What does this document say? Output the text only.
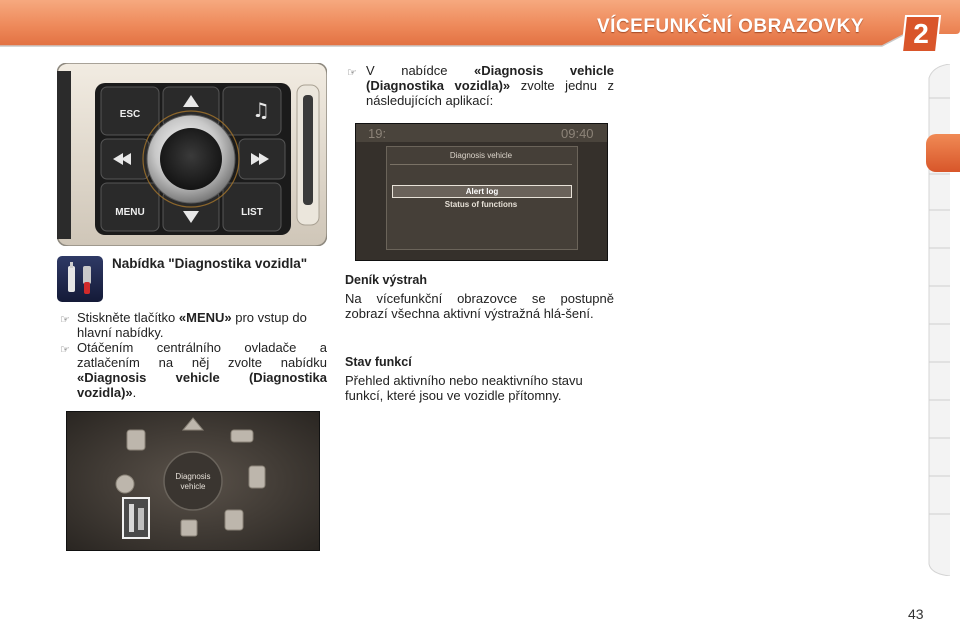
VÍCEFUNKČNÍ OBRAZOVKY	2
♫
ESC
MENU	LIST
Nabídka "Diagnostika vozidla"
☞ Stiskněte tlačítko «MENU» pro vstup do hlavní nabídky.
☞ Otáčením centrálního ovladače a zatlačením na něj zvolte nabídku «Diagnosis vehicle (Diagnostika vozidla)».
Diagnosis
vehicle
☞ V nabídce «Diagnosis vehicle (Diagnostika vozidla)» zvolte jednu z následujících aplikací:
19:	09:40
Diagnosis vehicle
Alert log
Status of functions
Deník výstrah
Na vícefunkční obrazovce se postupně zobrazí všechna aktivní výstražná hlá-šení.
Stav funkcí
Přehled aktivního nebo neaktivního stavu funkcí, které jsou ve vozidle přítomny.
43
